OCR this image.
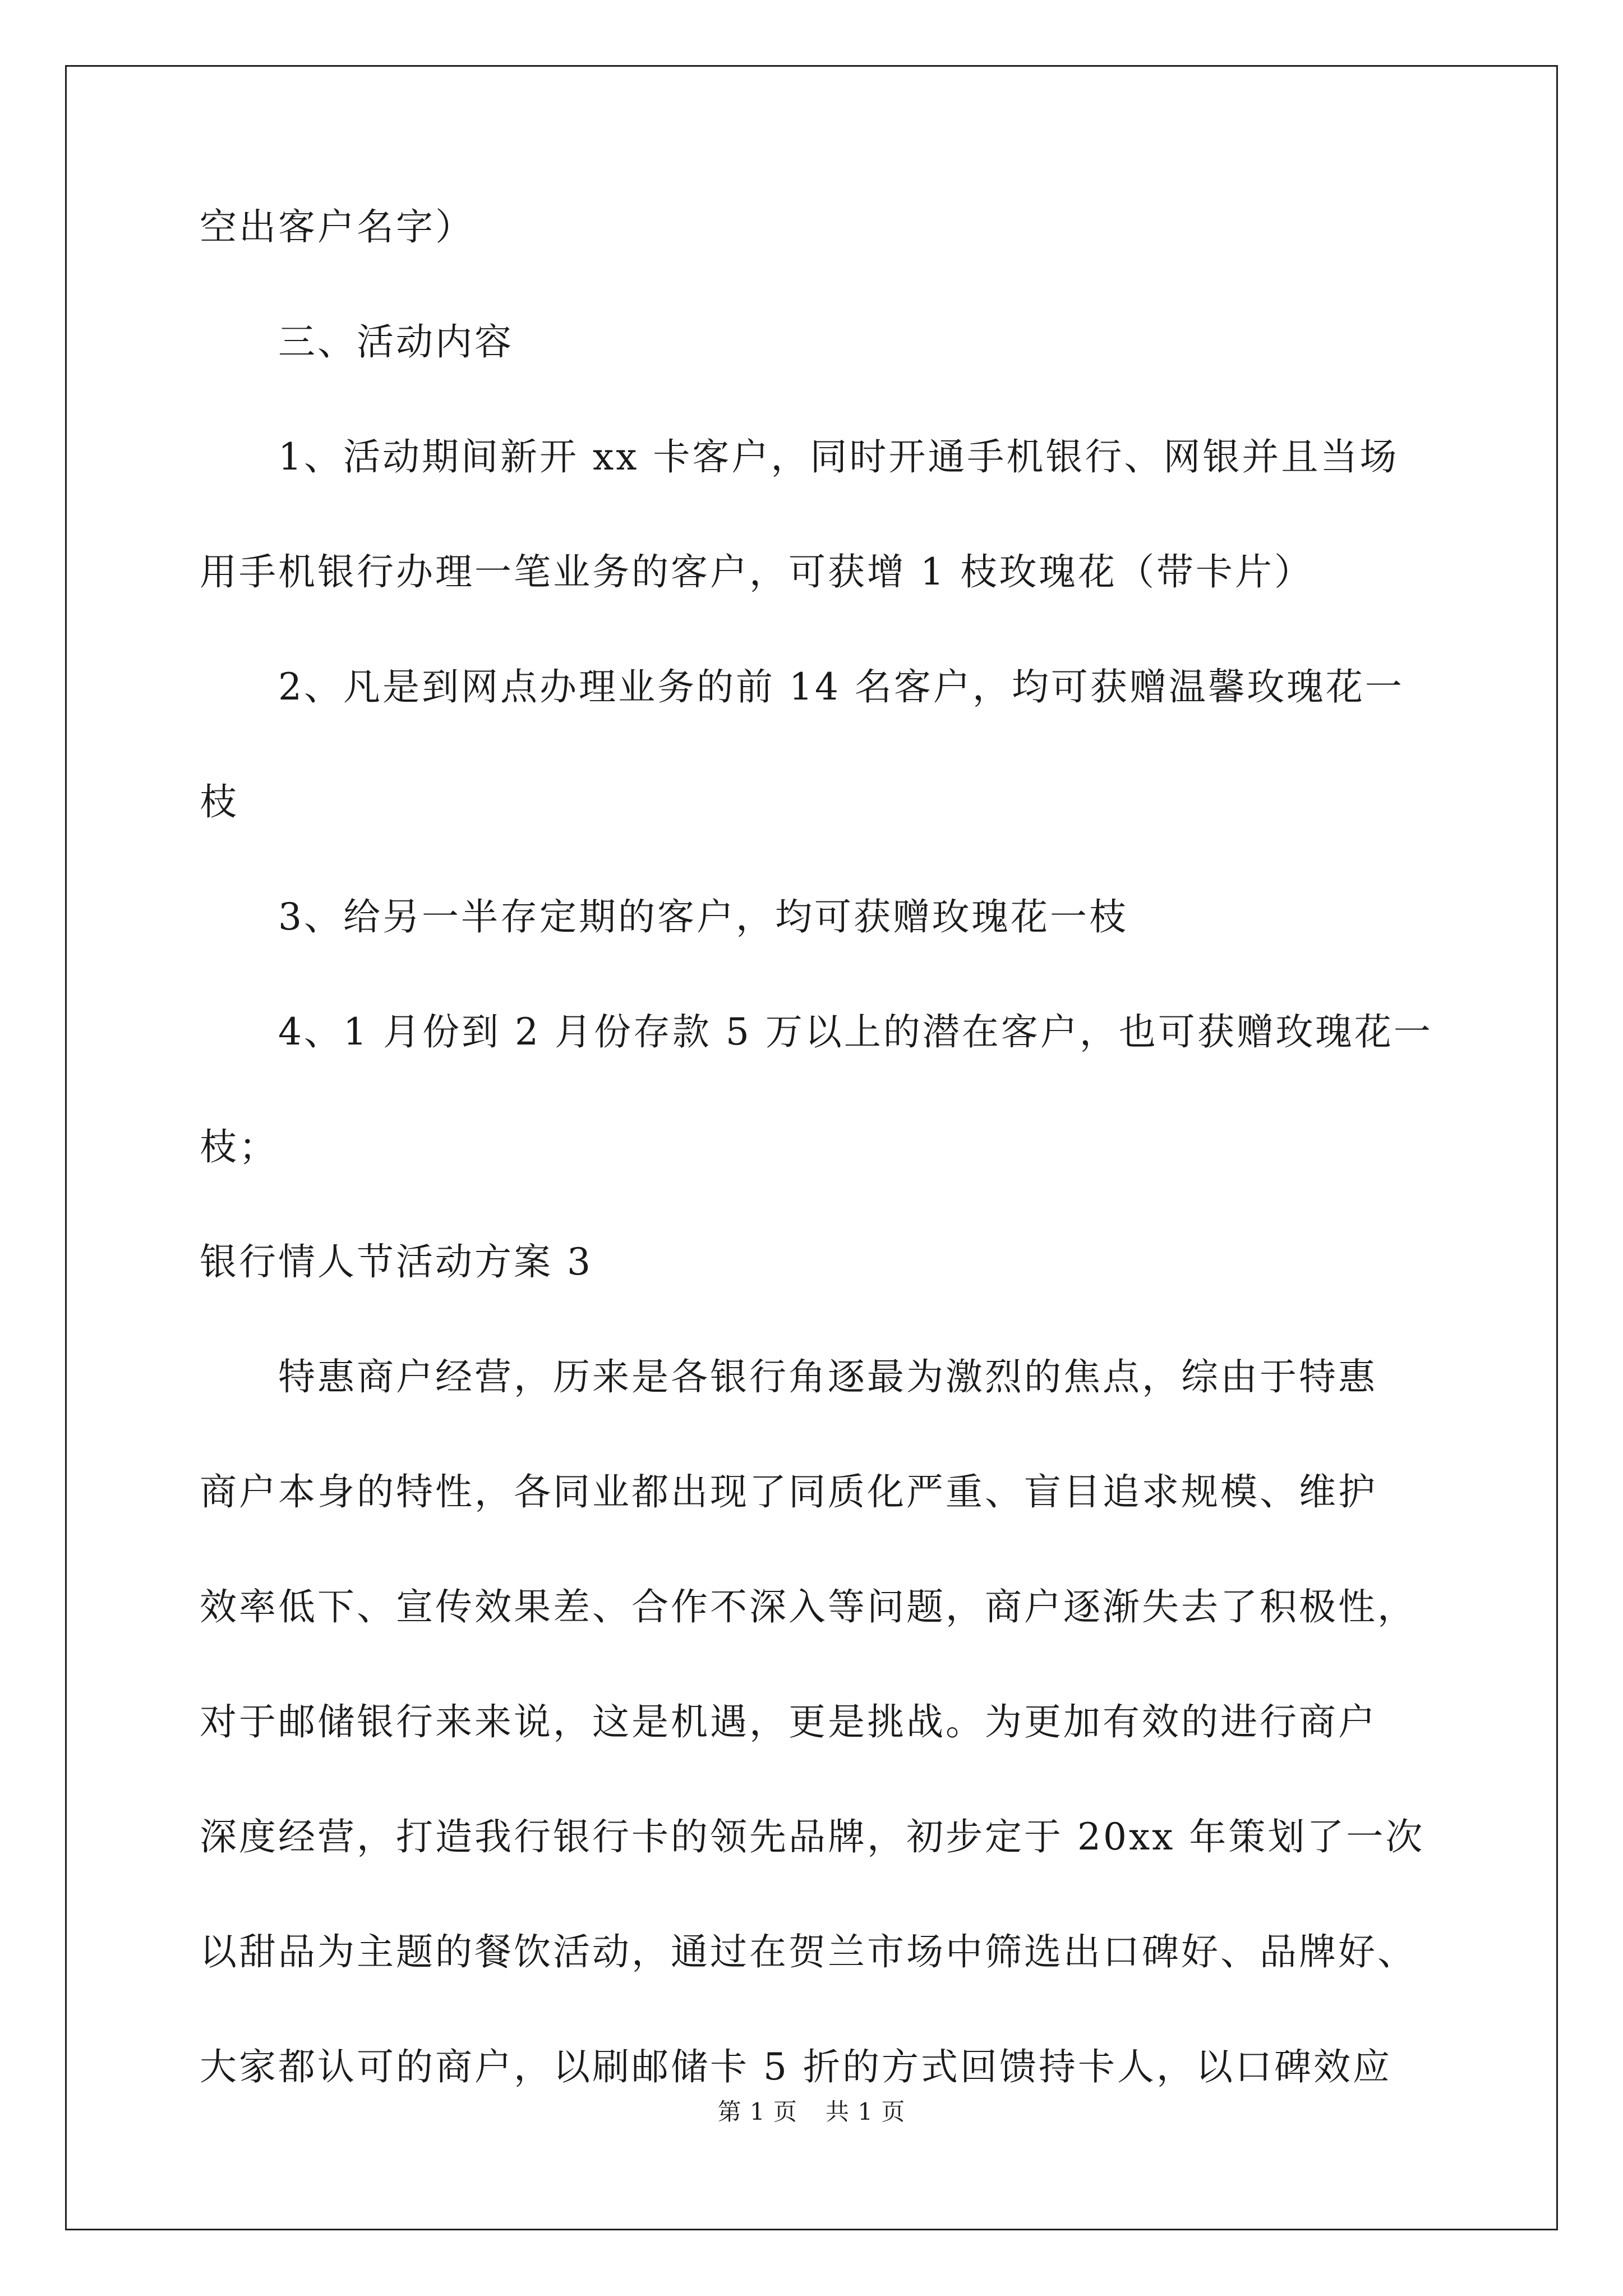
空出客户名字）
三、活动内容
1、活动期间新开 xx 卡客户，同时开通手机银行、网银并且当场
用手机银行办理一笔业务的客户，可获增 1 枝玫瑰花（带卡片）
2、凡是到网点办理业务的前 14 名客户，均可获赠温馨玫瑰花一
枝
3、给另一半存定期的客户，均可获赠玫瑰花一枝
4、1 月份到 2 月份存款 5 万以上的潜在客户，也可获赠玫瑰花一
枝；
银行情人节活动方案 3
特惠商户经营，历来是各银行角逐最为激烈的焦点，综由于特惠
商户本身的特性，各同业都出现了同质化严重、盲目追求规模、维护
效率低下、宣传效果差、合作不深入等问题，商户逐渐失去了积极性，
对于邮储银行来来说，这是机遇，更是挑战。为更加有效的进行商户
深度经营，打造我行银行卡的领先品牌，初步定于 20xx 年策划了一次
以甜品为主题的餐饮活动，通过在贺兰市场中筛选出口碑好、品牌好、
大家都认可的商户，以刷邮储卡 5 折的方式回馈持卡人，以口碑效应
第 1 页 共 1 页
